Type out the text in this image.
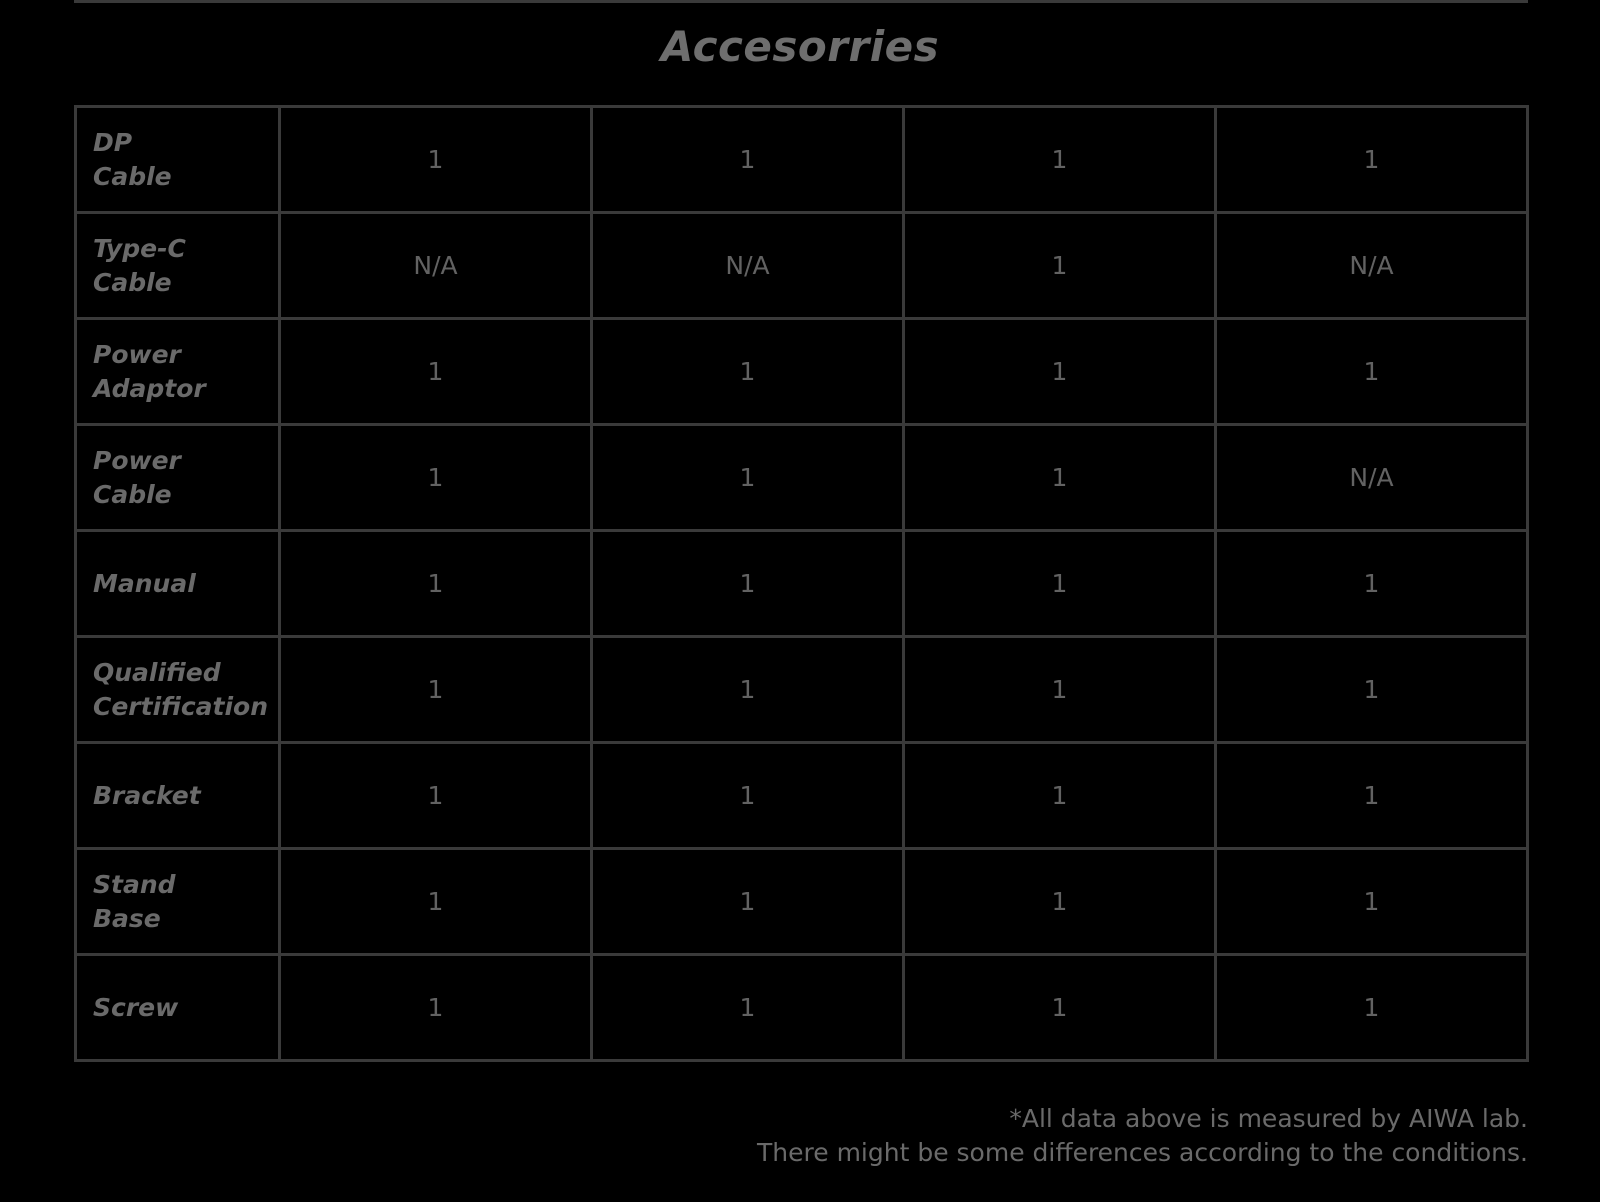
Accesorries
DP
Cable	1	1	1	1
Type-C
Cable	N/A	N/A	1	N/A
Power
Adaptor	1	1	1	1
Power
Cable	1	1	1	N/A
Manual	1	1	1	1
Qualified
Certification	1	1	1	1
Bracket	1	1	1	1
Stand
Base	1	1	1	1
Screw	1	1	1	1
*All data above is measured by AIWA lab.
There might be some differences according to the conditions.
